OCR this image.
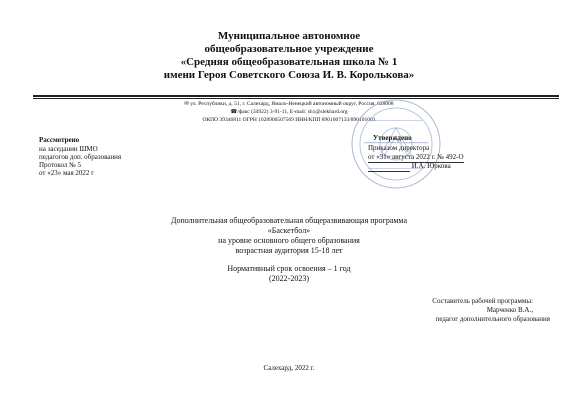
Муниципальное автономное
общеобразовательное учреждение
«Средняя общеобразовательная школа № 1
имени Героя Советского Союза И. В. Королькова»
✉ ул. Республики, д. 51, г. Салехард, Ямало-Ненецкий автономный округ, Россия, 628008
☎/факс (34922) 3-91-11, E-mail: sh1@slekhard.org
ОКПО 39346811 ОГРН 1028900507569 ИНН/КПП 8901007133/890101001
Рассмотрено
на заседании ШМО
педагогов доп. образования
Протокол № 5
от «23» мая 2022 г
Утверждено
Приказом директора
от «31» августа 2022 г. № 492-О
И.А. Юркова
Дополнительная общеобразовательная общеразвивающая программа
«Баскетбол»
на уровне основного общего образования
возрастная аудитория 15-18 лет
Нормативный срок освоения – 1 год
(2022-2023)
Составитель рабочей программы:
Марченко В.А.,
педагог дополнительного образования
Салехард, 2022 г.
